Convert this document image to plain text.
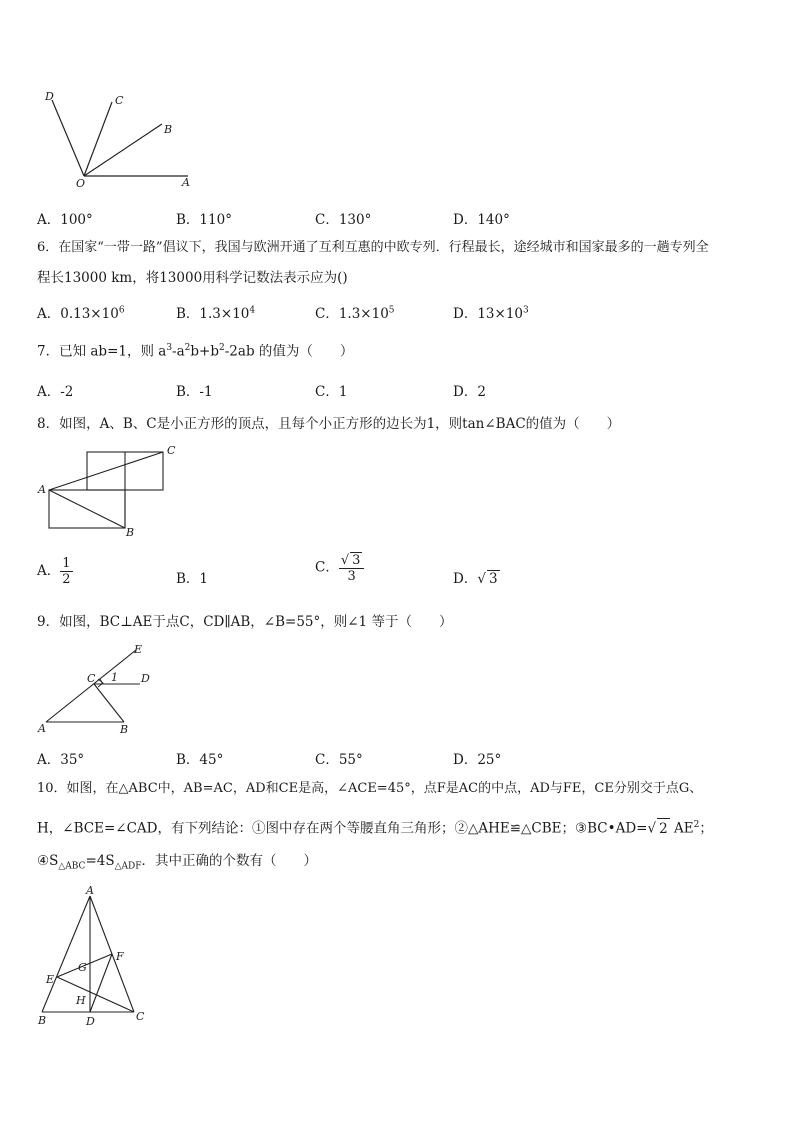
D	C
B
O	A
A．100°	B．110°	C．130°	D．140°
6．在国家“一带一路”倡议下，我国与欧洲开通了互利互惠的中欧专列．行程最长，途经城市和国家最多的一趟专列全
程长13000 km，将13000用科学记数法表示应为()
A．$0.13\times 10^6$	B．$1.3\times 10^4$	C．$1.3\times 10^5$	D．$13\times 10^3$
7．已知 ab=1，则 $a^3-a^2b+b^2-2ab$ 的值为（　　）
A．-2	B．-1	C．1	D．2
8．如图，A、B、C是小正方形的顶点，且每个小正方形的边长为1，则tan∠BAC的值为（　　）
A
C
B
A． $\frac{1}{2}$	B．1
C． $\frac{√ 3}{3}$	D．√ 3
9．如图，BC⊥AE于点C，CD∥AB，∠B=55°，则∠1 等于（　　）
E
C 1 D
A	B
A．35°	B．45°	C．55°	D．25°
10．如图，在△ABC中，AB=AC，AD和CE是高，∠ACE=45°，点F是AC的中点，AD与FE，CE分别交于点G、
H，∠BCE=∠CAD，有下列结论：①图中存在两个等腰直角三角形；②△AHE≌△CBE；③BC•AD=√ 2 $AE^2$；
$④S_{\triangle ABC}=4S_{\triangle ADF}$．其中正确的个数有（　　）
A
E
G
F
H
B	D	C
